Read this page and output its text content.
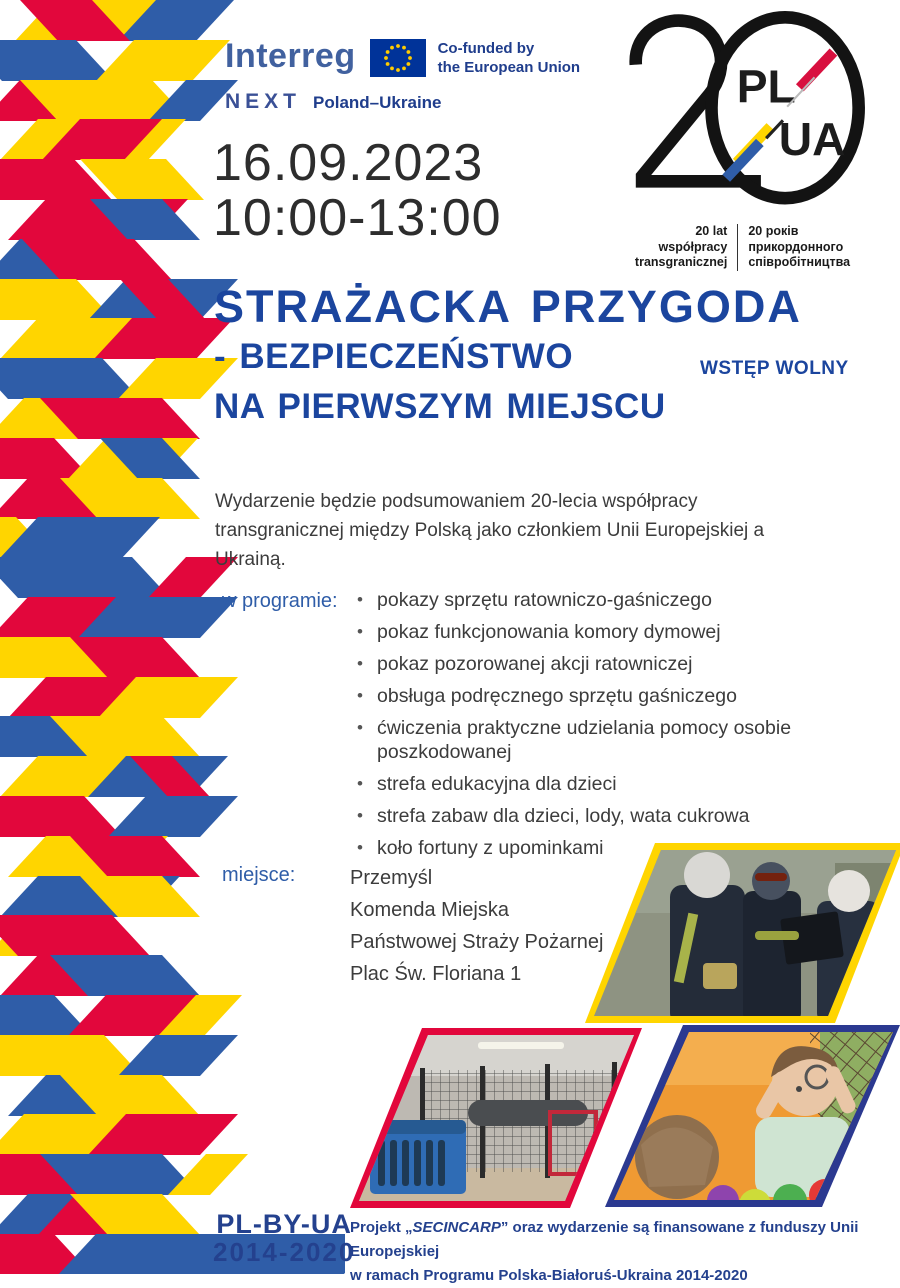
Interreg	Co-funded by
the European Union
NEXT Poland–Ukraine	PL
UA
20 lat
współpracy
transgranicznej
20 років
прикордонного
співробітництва
16.09.2023
10:00-13:00
STRAŻACKA PRZYGODA
- BEZPIECZEŃSTWO
NA PIERWSZYM MIEJSCU
WSTĘP WOLNY
Wydarzenie będzie podsumowaniem 20-lecia współpracy transgranicznej między Polską jako członkiem Unii Europejskiej a Ukrainą.
w programie:	• pokazy sprzętu ratowniczo-gaśniczego
• pokaz funkcjonowania komory dymowej
• pokaz pozorowanej akcji ratowniczej
• obsługa podręcznego sprzętu gaśniczego
• ćwiczenia praktyczne udzielania pomocy osobie poszkodowanej
• strefa edukacyjna dla dzieci
• strefa zabaw dla dzieci, lody, wata cukrowa
• koło fortuny z upominkami
miejsce:	Przemyśl
Komenda Miejska
Państwowej Straży Pożarnej
Plac Św. Floriana 1
PL-BY-UA
2014-2020
Projekt „SECINCARP” oraz wydarzenie są finansowane z funduszy Unii Europejskiej
w ramach Programu Polska-Białoruś-Ukraina 2014-2020
